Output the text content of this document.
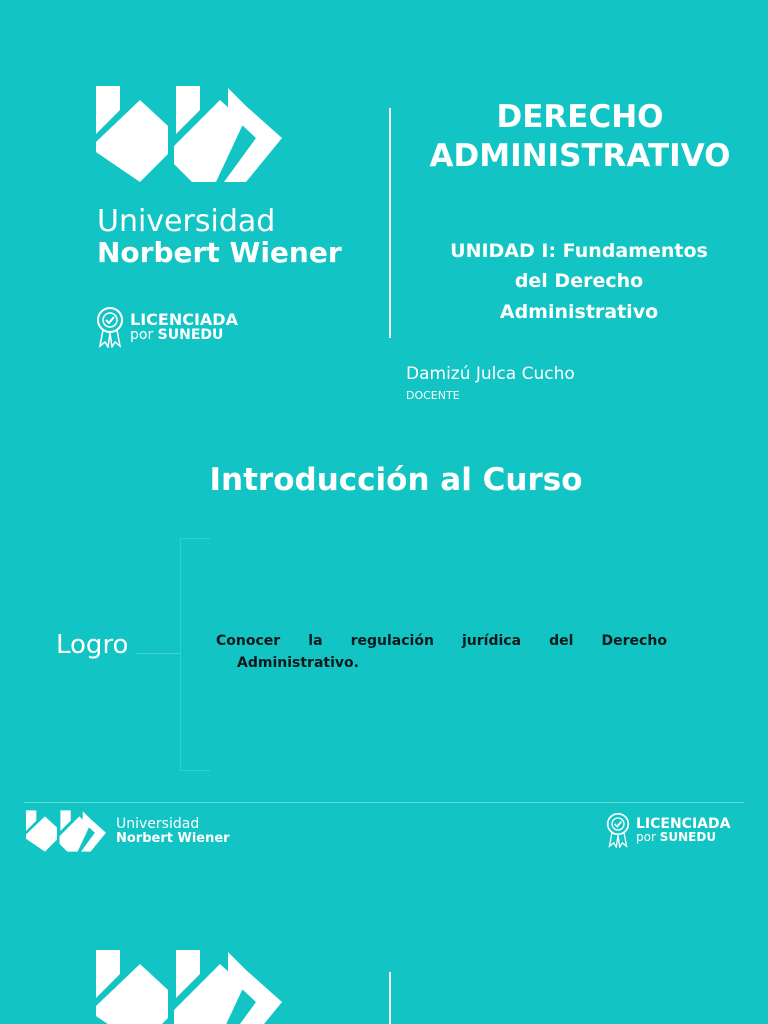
Universidad
Norbert Wiener
LICENCIADA
por SUNEDU
DERECHO
ADMINISTRATIVO
UNIDAD I: Fundamentos
del Derecho
Administrativo
Damizú Julca Cucho
DOCENTE
Introducción al Curso
Logro	Conocer la regulación jurídica del Derecho
Administrativo.
Universidad
Norbert Wiener
LICENCIADA
por SUNEDU
